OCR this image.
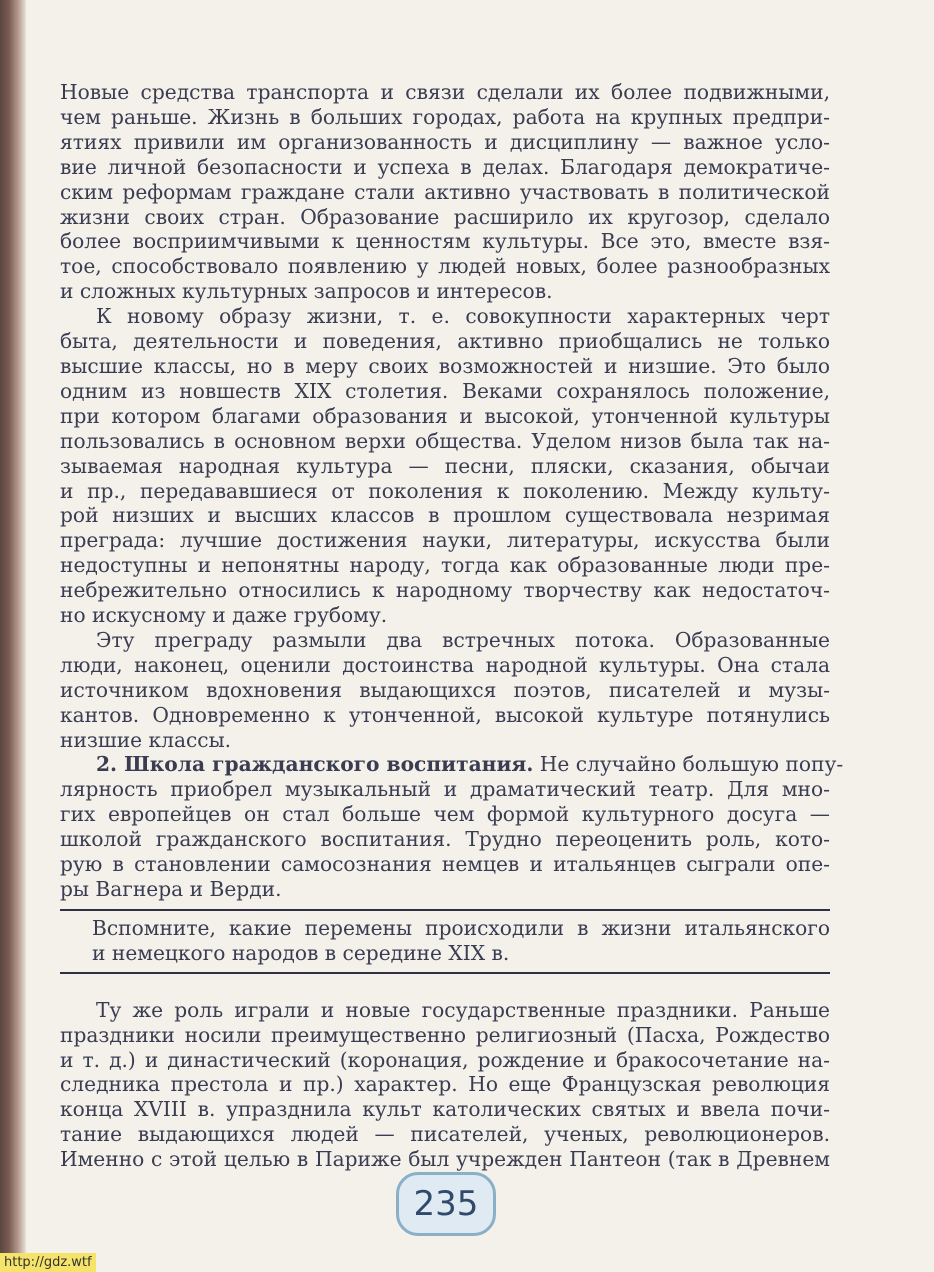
Новые средства транспорта и связи сделали их более подвижными,
чем раньше. Жизнь в больших городах, работа на крупных предпри-
ятиях привили им организованность и дисциплину — важное усло-
вие личной безопасности и успеха в делах. Благодаря демократиче-
ским реформам граждане стали активно участвовать в политической
жизни своих стран. Образование расширило их кругозор, сделало
более восприимчивыми к ценностям культуры. Все это, вместе взя-
тое, способствовало появлению у людей новых, более разнообразных
и сложных культурных запросов и интересов.

К новому образу жизни, т. е. совокупности характерных черт
быта, деятельности и поведения, активно приобщались не только
высшие классы, но в меру своих возможностей и низшие. Это было
одним из новшеств XIX столетия. Веками сохранялось положение,
при котором благами образования и высокой, утонченной культуры
пользовались в основном верхи общества. Уделом низов была так на-
зываемая народная культура — песни, пляски, сказания, обычаи
и пр., передававшиеся от поколения к поколению. Между культу-
рой низших и высших классов в прошлом существовала незримая
преграда: лучшие достижения науки, литературы, искусства были
недоступны и непонятны народу, тогда как образованные люди пре-
небрежительно относились к народному творчеству как недостаточ-
но искусному и даже грубому.

Эту преграду размыли два встречных потока. Образованные
люди, наконец, оценили достоинства народной культуры. Она стала
источником вдохновения выдающихся поэтов, писателей и музы-
кантов. Одновременно к утонченной, высокой культуре потянулись
низшие классы.

2. Школа гражданского воспитания. Не случайно большую попу-
лярность приобрел музыкальный и драматический театр. Для мно-
гих европейцев он стал больше чем формой культурного досуга —
школой гражданского воспитания. Трудно переоценить роль, кото-
рую в становлении самосознания немцев и итальянцев сыграли опе-
ры Вагнера и Верди.

Вспомните, какие перемены происходили в жизни итальянского
и немецкого народов в середине XIX в.

Ту же роль играли и новые государственные праздники. Раньше
праздники носили преимущественно религиозный (Пасха, Рождество
и т. д.) и династический (коронация, рождение и бракосочетание на-
следника престола и пр.) характер. Но еще Французская революция
конца XVIII в. упразднила культ католических святых и ввела почи-
тание выдающихся людей — писателей, ученых, революционеров.
Именно с этой целью в Париже был учрежден Пантеон (так в Древнем

235
http://gdz.wtf
